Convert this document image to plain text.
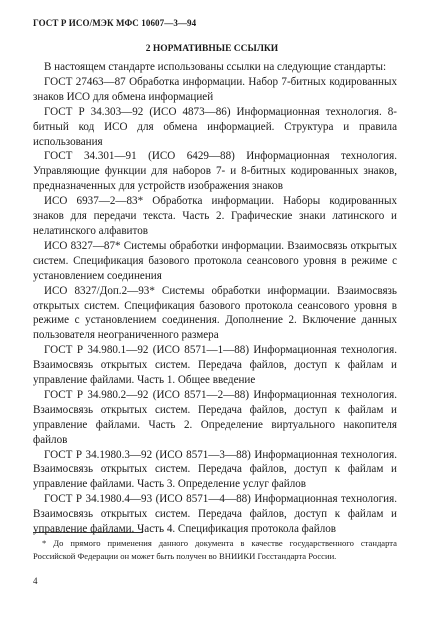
ГОСТ Р ИСО/МЭК МФС 10607—3—94
2 НОРМАТИВНЫЕ ССЫЛКИ

В настоящем стандарте использованы ссылки на следующие стандарты:

ГОСТ 27463—87 Обработка информации. Набор 7-битных кодированных знаков ИСО для обмена информацией

ГОСТ Р 34.303—92 (ИСО 4873—86) Информационная технология. 8-битный код ИСО для обмена информацией. Структура и правила использования

ГОСТ 34.301—91 (ИСО 6429—88) Информационная технология. Управляющие функции для наборов 7- и 8-битных кодированных знаков, предназначенных для устройств изображения знаков

ИСО 6937—2—83* Обработка информации. Наборы кодированных знаков для передачи текста. Часть 2. Графические знаки латинского и нелатинского алфавитов

ИСО 8327—87* Системы обработки информации. Взаимосвязь открытых систем. Спецификация базового протокола сеансового уровня в режиме с установлением соединения

ИСО 8327/Доп.2—93* Системы обработки информации. Взаимосвязь открытых систем. Спецификация базового протокола сеансового уровня в режиме с установлением соединения. Дополнение 2. Включение данных пользователя неограниченного размера

ГОСТ Р 34.980.1—92 (ИСО 8571—1—88) Информационная технология. Взаимосвязь открытых систем. Передача файлов, доступ к файлам и управление файлами. Часть 1. Общее введение

ГОСТ Р 34.980.2—92 (ИСО 8571—2—88) Информационная технология. Взаимосвязь открытых систем. Передача файлов, доступ к файлам и управление файлами. Часть 2. Определение виртуального накопителя файлов

ГОСТ Р 34.1980.3—92 (ИСО 8571—3—88) Информационная технология. Взаимосвязь открытых систем. Передача файлов, доступ к файлам и управление файлами. Часть 3. Определение услуг файлов

ГОСТ Р 34.1980.4—93 (ИСО 8571—4—88) Информационная технология. Взаимосвязь открытых систем. Передача файлов, доступ к файлам и управление файлами. Часть 4. Спецификация протокола файлов

* До прямого применения данного документа в качестве государственного стандарта Российской Федерации он может быть получен во ВНИИКИ Госстандарта России.
4
